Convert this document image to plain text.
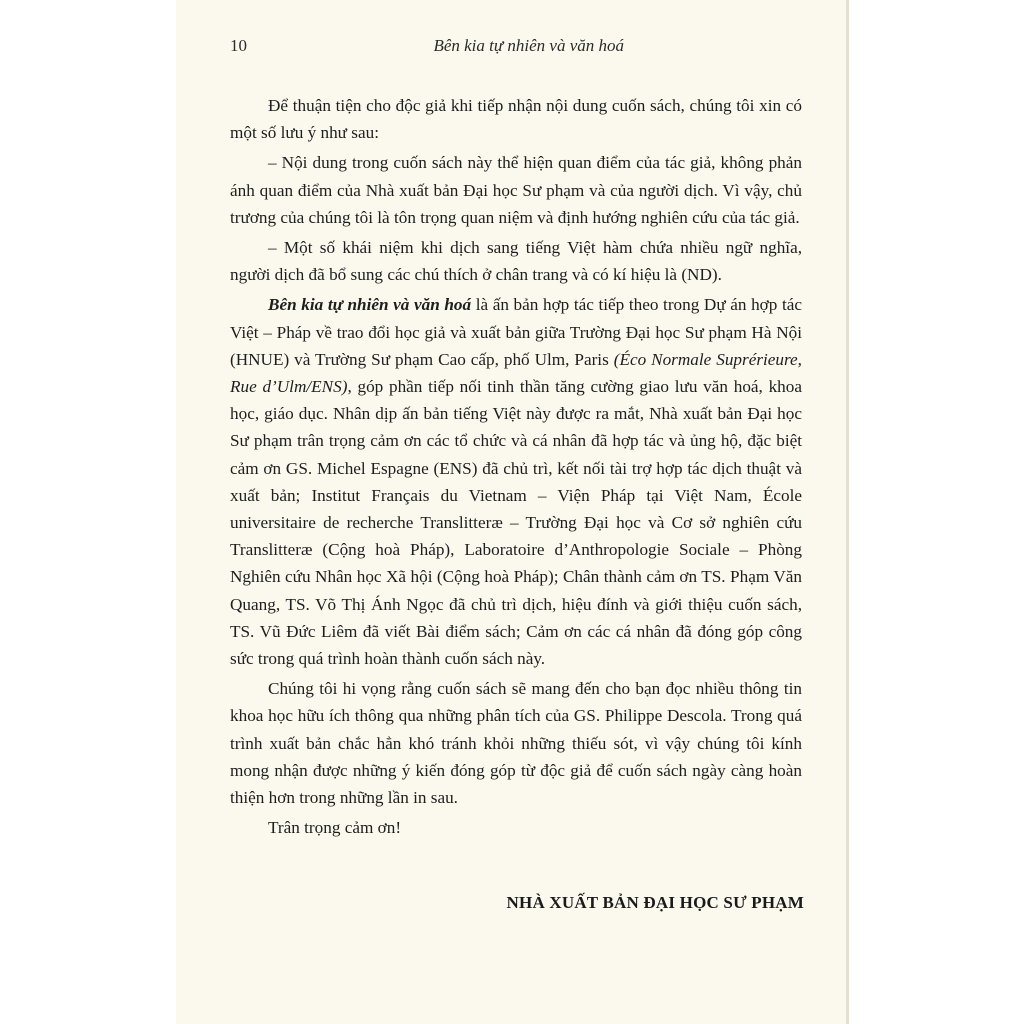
10	Bên kia tự nhiên và văn hoá

Để thuận tiện cho độc giả khi tiếp nhận nội dung cuốn sách, chúng tôi xin có một số lưu ý như sau:

– Nội dung trong cuốn sách này thể hiện quan điểm của tác giả, không phản ánh quan điểm của Nhà xuất bản Đại học Sư phạm và của người dịch. Vì vậy, chủ trương của chúng tôi là tôn trọng quan niệm và định hướng nghiên cứu của tác giả.

– Một số khái niệm khi dịch sang tiếng Việt hàm chứa nhiều ngữ nghĩa, người dịch đã bổ sung các chú thích ở chân trang và có kí hiệu là (ND).

Bên kia tự nhiên và văn hoá là ấn bản hợp tác tiếp theo trong Dự án hợp tác Việt – Pháp về trao đổi học giả và xuất bản giữa Trường Đại học Sư phạm Hà Nội (HNUE) và Trường Sư phạm Cao cấp, phố Ulm, Paris (Éco Normale Suprérieure, Rue d’Ulm/ENS), góp phần tiếp nối tinh thần tăng cường giao lưu văn hoá, khoa học, giáo dục. Nhân dịp ấn bản tiếng Việt này được ra mắt, Nhà xuất bản Đại học Sư phạm trân trọng cảm ơn các tổ chức và cá nhân đã hợp tác và ủng hộ, đặc biệt cảm ơn GS. Michel Espagne (ENS) đã chủ trì, kết nối tài trợ hợp tác dịch thuật và xuất bản; Institut Français du Vietnam – Viện Pháp tại Việt Nam, École universitaire de recherche Translitteræ – Trường Đại học và Cơ sở nghiên cứu Translitteræ (Cộng hoà Pháp), Laboratoire d’Anthropologie Sociale – Phòng Nghiên cứu Nhân học Xã hội (Cộng hoà Pháp); Chân thành cảm ơn TS. Phạm Văn Quang, TS. Võ Thị Ánh Ngọc đã chủ trì dịch, hiệu đính và giới thiệu cuốn sách, TS. Vũ Đức Liêm đã viết Bài điểm sách; Cảm ơn các cá nhân đã đóng góp công sức trong quá trình hoàn thành cuốn sách này.

Chúng tôi hi vọng rằng cuốn sách sẽ mang đến cho bạn đọc nhiều thông tin khoa học hữu ích thông qua những phân tích của GS. Philippe Descola. Trong quá trình xuất bản chắc hẳn khó tránh khỏi những thiếu sót, vì vậy chúng tôi kính mong nhận được những ý kiến đóng góp từ độc giả để cuốn sách ngày càng hoàn thiện hơn trong những lần in sau.

Trân trọng cảm ơn!

NHÀ XUẤT BẢN ĐẠI HỌC SƯ PHẠM
